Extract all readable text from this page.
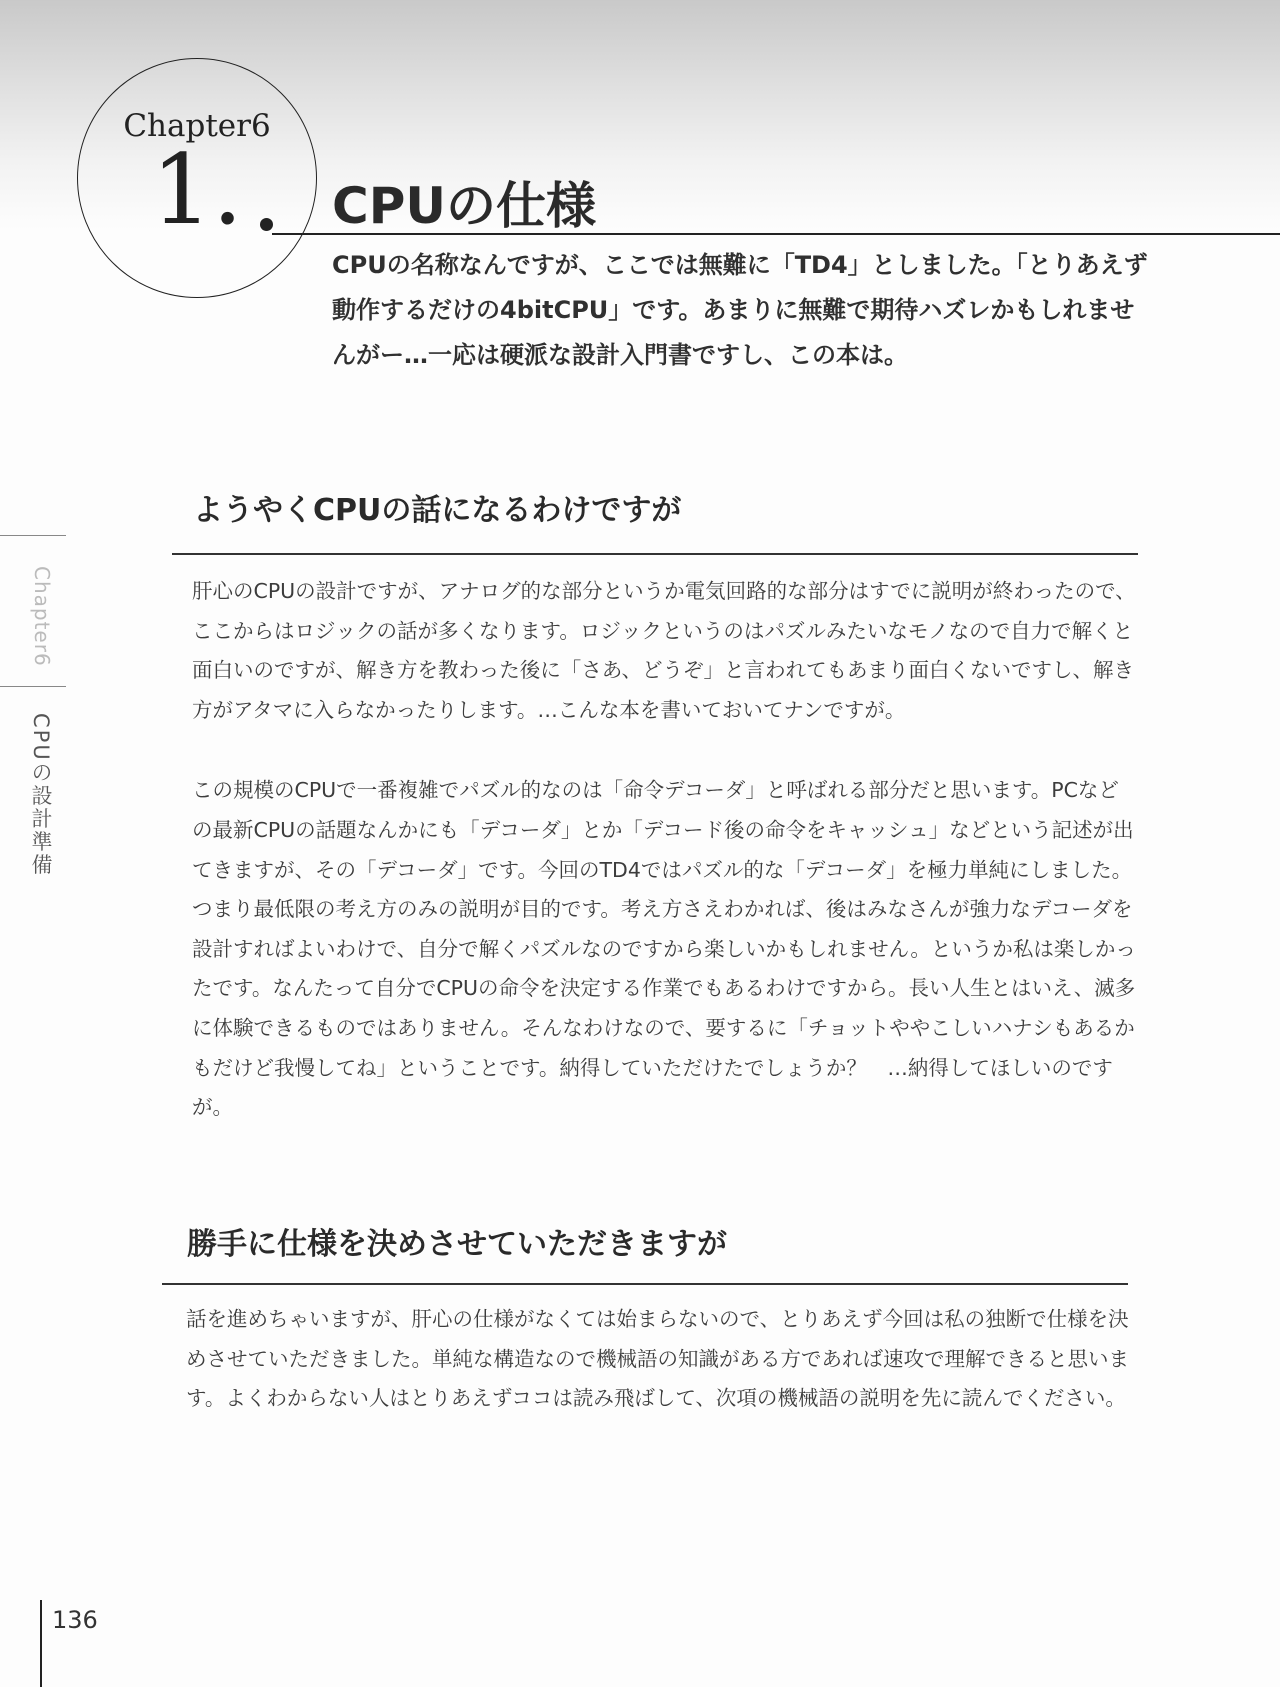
Chapter6
1.	CPUの仕様
CPUの名称なんですが、ここでは無難に「TD4」としました。「とりあえず動作するだけの4bitCPU」です。あまりに無難で期待ハズレかもしれませんがー…一応は硬派な設計入門書ですし、この本は。
Chapter6
CPUの設計準備
ようやくCPUの話になるわけですが

肝心のCPUの設計ですが、アナログ的な部分というか電気回路的な部分はすでに説明が終わったので、ここからはロジックの話が多くなります。ロジックというのはパズルみたいなモノなので自力で解くと面白いのですが、解き方を教わった後に「さあ、どうぞ」と言われてもあまり面白くないですし、解き方がアタマに入らなかったりします。…こんな本を書いておいてナンですが。

この規模のCPUで一番複雑でパズル的なのは「命令デコーダ」と呼ばれる部分だと思います。PCなどの最新CPUの話題なんかにも「デコーダ」とか「デコード後の命令をキャッシュ」などという記述が出てきますが、その「デコーダ」です。今回のTD4ではパズル的な「デコーダ」を極力単純にしました。つまり最低限の考え方のみの説明が目的です。考え方さえわかれば、後はみなさんが強力なデコーダを設計すればよいわけで、自分で解くパズルなのですから楽しいかもしれません。というか私は楽しかったです。なんたって自分でCPUの命令を決定する作業でもあるわけですから。長い人生とはいえ、滅多に体験できるものではありません。そんなわけなので、要するに「チョットややこしいハナシもあるかもだけど我慢してね」ということです。納得していただけたでしょうか？　…納得してほしいのですが。

勝手に仕様を決めさせていただきますが

話を進めちゃいますが、肝心の仕様がなくては始まらないので、とりあえず今回は私の独断で仕様を決めさせていただきました。単純な構造なので機械語の知識がある方であれば速攻で理解できると思います。よくわからない人はとりあえずココは読み飛ばして、次項の機械語の説明を先に読んでください。

136
